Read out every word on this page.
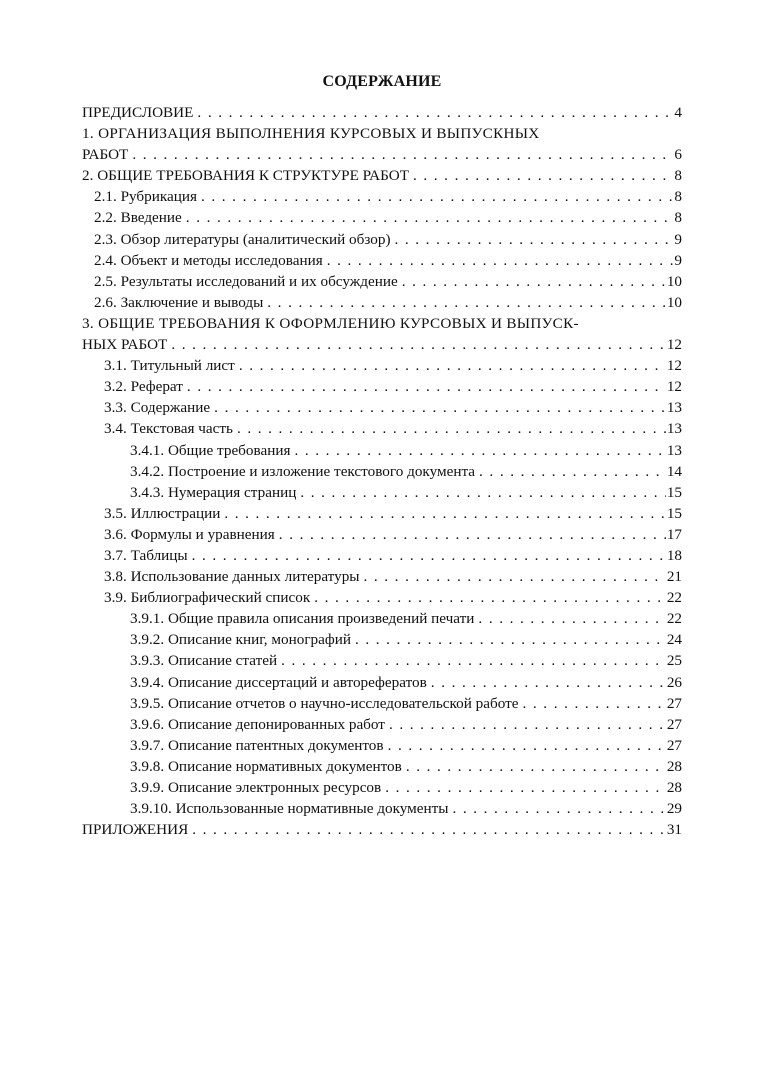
СОДЕРЖАНИЕ
ПРЕДИСЛОВИЕ . . .	4
1. ОРГАНИЗАЦИЯ ВЫПОЛНЕНИЯ КУРСОВЫХ И ВЫПУСКНЫХ
РАБОТ . . .	6
2. ОБЩИЕ ТРЕБОВАНИЯ К СТРУКТУРЕ РАБОТ . . .	8
2.1. Рубрикация . . .	8
2.2. Введение . . .	8
2.3. Обзор литературы (аналитический обзор) . . .	9
2.4. Объект и методы исследования . . .	9
2.5. Результаты исследований и их обсуждение . . .	10
2.6. Заключение и выводы . . .	10
3. ОБЩИЕ ТРЕБОВАНИЯ К ОФОРМЛЕНИЮ КУРСОВЫХ И ВЫПУСК-
НЫХ РАБОТ . . .	12
3.1. Титульный лист . . .	12
3.2. Реферат . . .	12
3.3. Содержание . . .	13
3.4. Текстовая часть . . .	13
3.4.1. Общие требования . . .	13
3.4.2. Построение и изложение текстового документа . . .	14
3.4.3. Нумерация страниц . . .	15
3.5. Иллюстрации . . .	15
3.6. Формулы и уравнения . . .	17
3.7. Таблицы . . .	18
3.8. Использование данных литературы . . .	21
3.9. Библиографический список . . .	22
3.9.1. Общие правила описания произведений печати . . .	22
3.9.2. Описание книг, монографий . . .	24
3.9.3. Описание статей . . .	25
3.9.4. Описание диссертаций и авторефератов . . .	26
3.9.5. Описание отчетов о научно-исследовательской работе . . .	27
3.9.6. Описание депонированных работ . . .	27
3.9.7. Описание патентных документов . . .	27
3.9.8. Описание нормативных документов . . .	28
3.9.9. Описание электронных ресурсов . . .	28
3.9.10. Использованные нормативные документы . . .	29
ПРИЛОЖЕНИЯ . . .	31
